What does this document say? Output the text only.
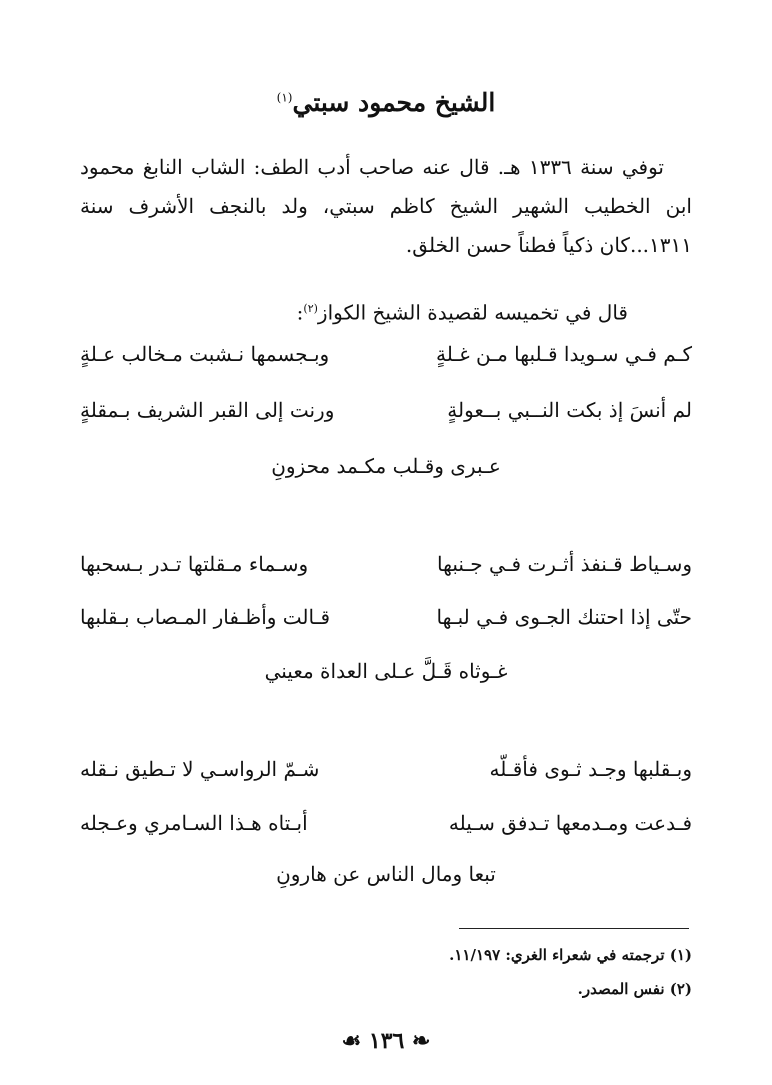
الشيخ محمود سبتي$^{(١)}$
توفي سنة ١٣٣٦ هـ. قال عنه صاحب أدب الطف: الشاب النابغ محمود ابن الخطيب الشهير الشيخ كاظم سبتي، ولد بالنجف الأشرف سنة ١٣١١...كان ذكياً فطناً حسن الخلق.
قال في تخميسه لقصيدة الشيخ الكواز$^{(٢)}$:
كـم فـي سـويدا قـلبها مـن غـلةٍ
وبـجسمها نـشبت مـخالب عـلةٍ
لم أنسَ إذ بكت النــبي بــعولةٍ
ورنت إلى القبر الشريف بـمقلةٍ
عـبرى وقـلب مكـمد محزونِ
وسـياط قـنفذ أثـرت فـي جـنبها
وسـماء مـقلتها تـدر بـسحبها
حتّى إذا احتنك الجـوى فـي لبـها
قـالت وأظـفار المـصاب بـقلبها
غـوثاه قَـلَّ عـلى العداة معيني
وبـقلبها وجـد ثـوى فأقـلّه
شـمّ الرواسـي لا تـطيق نـقله
فـدعت ومـدمعها تـدفق سـيله
أبـتاه هـذا السـامري وعـجله
تبعا ومال الناس عن هارونِ
(١) ترجمته في شعراء الغري: ١١/١٩٧.
(٢) نفس المصدر.
❧ ١٣٦ ☙
